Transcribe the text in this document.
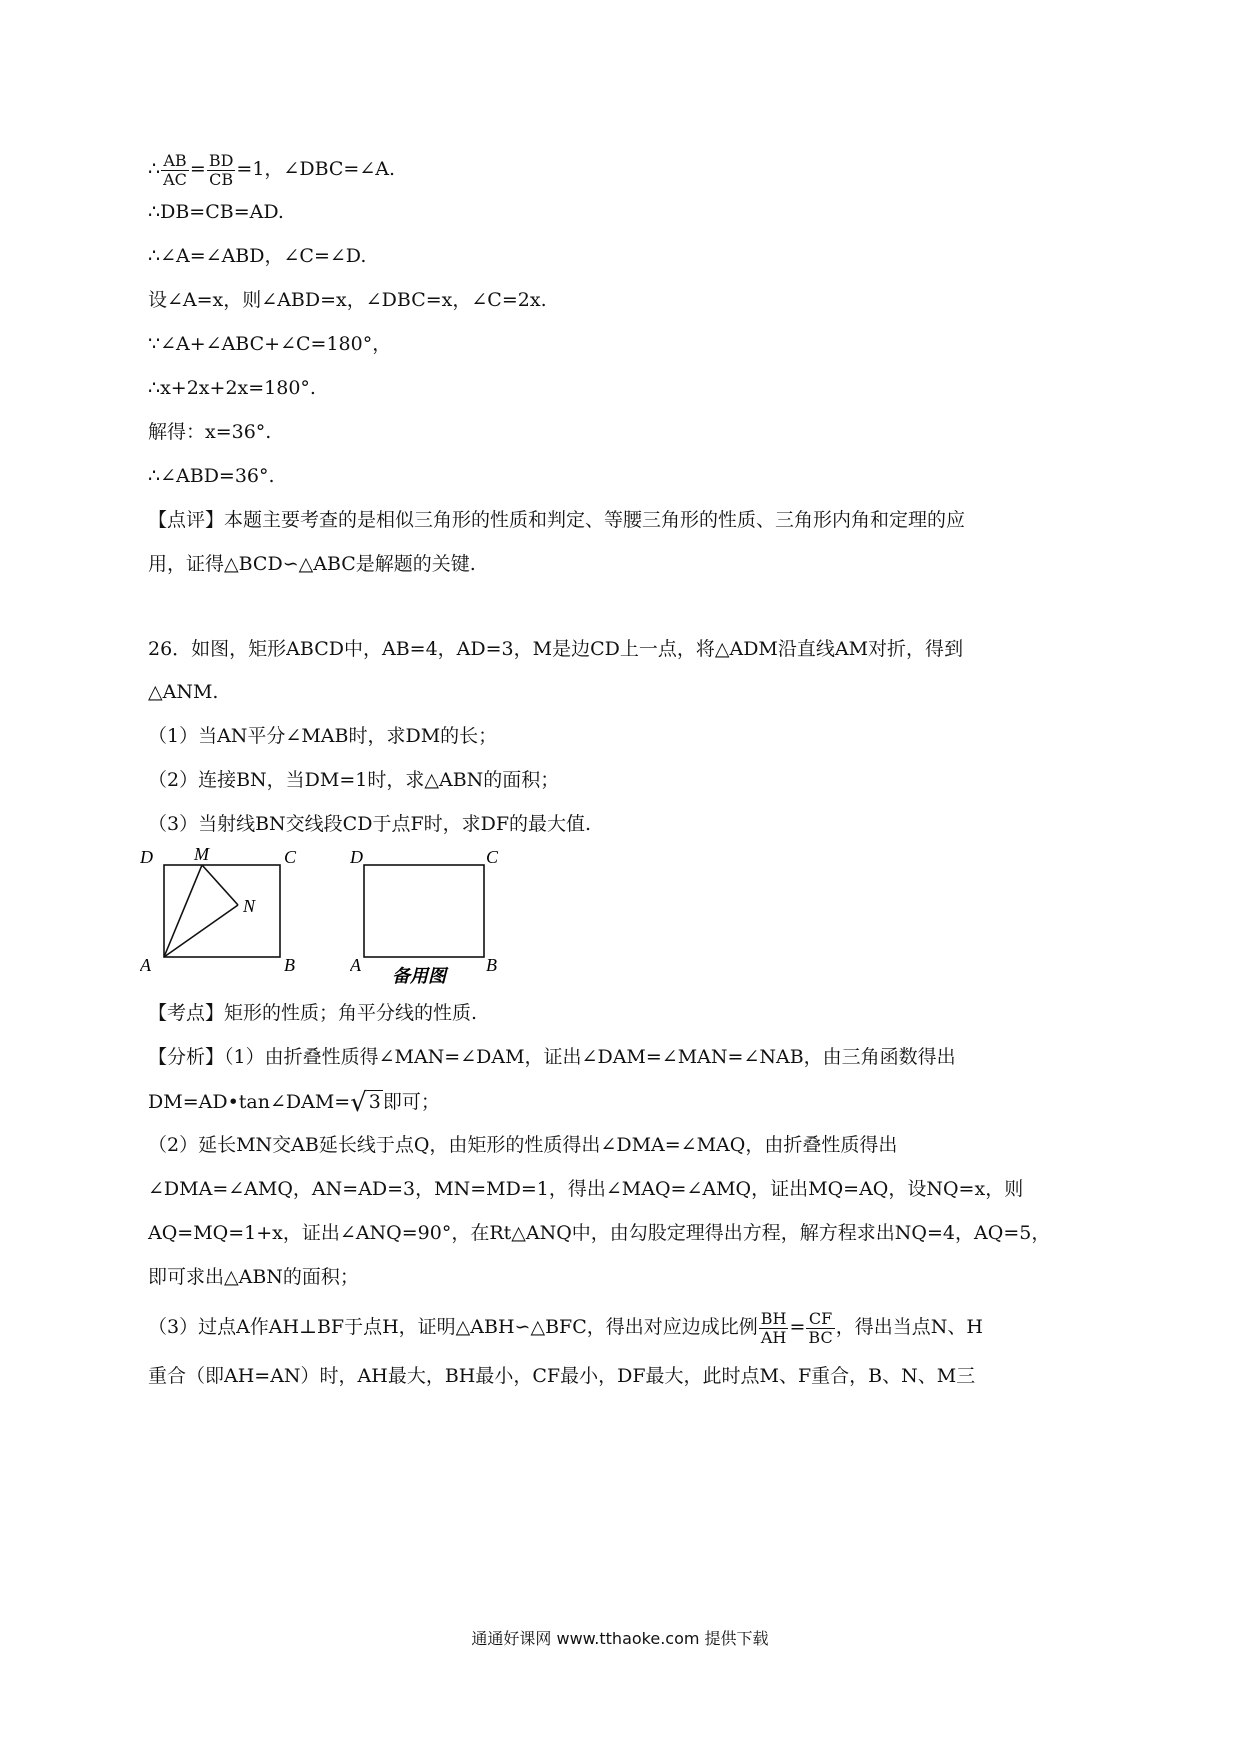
∴ $\frac{AB}{AC} = \frac{BD}{CB} =1$，∠DBC=∠A.
∴DB=CB=AD.
∴∠A=∠ABD，∠C=∠D.
设∠A=x，则∠ABD=x，∠DBC=x，∠C=2x.
∵∠A+∠ABC+∠C=180°，
∴x+2x+2x=180°.
解得：x=36°.
∴∠ABD=36°.
【点评】本题主要考查的是相似三角形的性质和判定、等腰三角形的性质、三角形内角和定理的应
用，证得△BCD∽△ABC是解题的关键.
26．如图，矩形ABCD中，AB=4，AD=3，M是边CD上一点，将△ADM沿直线AM对折，得到
△ANM.
（1）当AN平分∠MAB时，求DM的长；
（2）连接BN，当DM=1时，求△ABN的面积；
（3）当射线BN交线段CD于点F时，求DF的最大值.
D M	C
N
A	B
D	C
A	B
备用图
【考点】矩形的性质；角平分线的性质.
【分析】（1）由折叠性质得∠MAN=∠DAM，证出∠DAM=∠MAN=∠NAB，由三角函数得出
DM=AD•tan∠DAM=√ 3 即可；
（2）延长MN交AB延长线于点Q，由矩形的性质得出∠DMA=∠MAQ，由折叠性质得出
∠DMA=∠AMQ，AN=AD=3，MN=MD=1，得出∠MAQ=∠AMQ，证出MQ=AQ，设NQ=x，则
AQ=MQ=1+x，证出∠ANQ=90°，在Rt△ANQ中，由勾股定理得出方程，解方程求出NQ=4，AQ=5，
即可求出△ABN的面积；
（3）过点A作AH⊥BF于点H，证明△ABH∽△BFC，得出对应边成比例 $\frac{BH}{AH} = \frac{CF}{BC}$ ，得出当点N、H
重合（即AH=AN）时，AH最大，BH最小，CF最小，DF最大，此时点M、F重合，B、N、M三
通通好课网 www.tthaoke.com 提供下载
